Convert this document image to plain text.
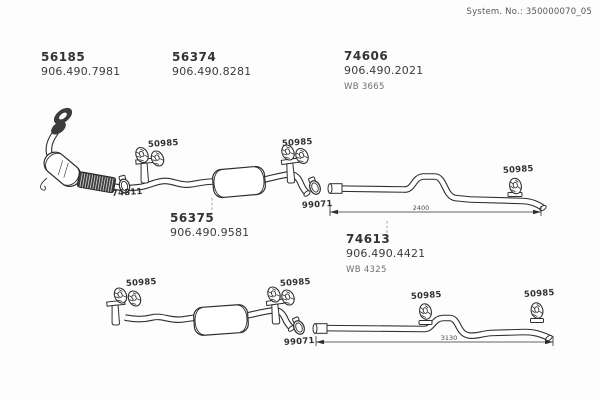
System. No.: 350000070_05
56185
906.490.7981
56374
906.490.8281
74606
906.490.2021
WB 3665
56375
906.490.9581	74613
906.490.4421
WB 4325
50985
74811
50985
99071
50985
50985	50985
99071
50985	50985
2400
3130
